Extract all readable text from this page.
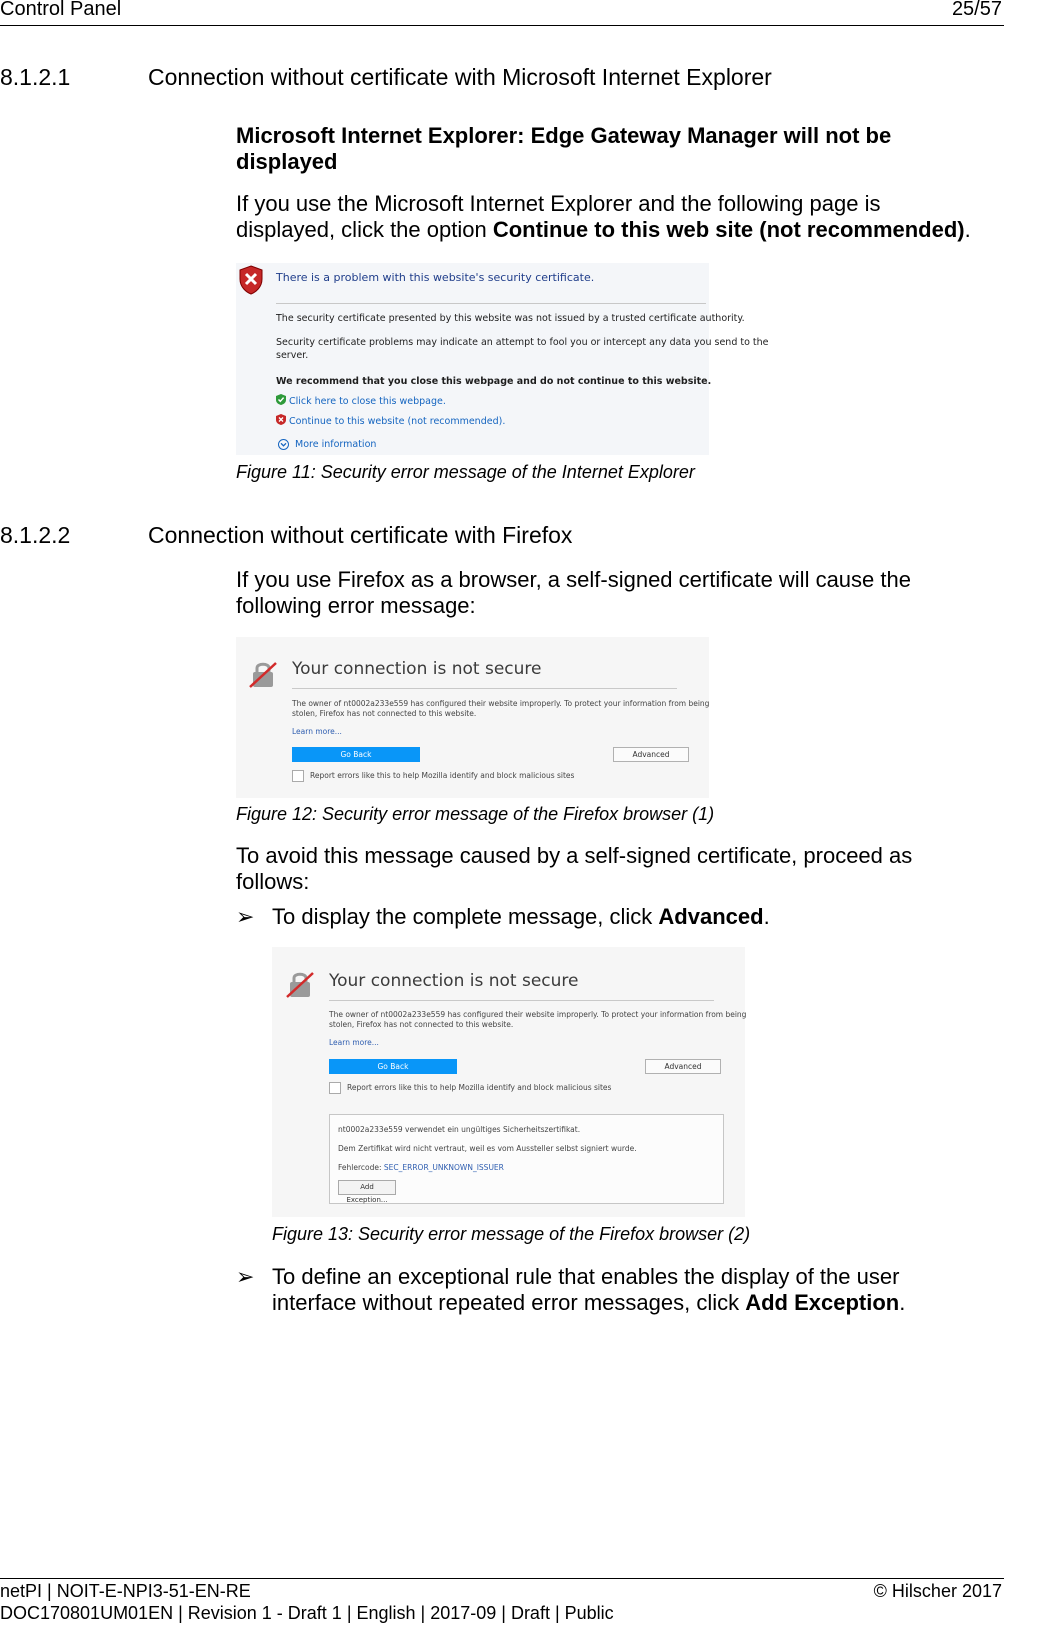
Control Panel	25/57
8.1.2.1	Connection without certificate with Microsoft Internet Explorer
Microsoft Internet Explorer: Edge Gateway Manager will not be
displayed
If you use the Microsoft Internet Explorer and the following page is
displayed, click the option Continue to this web site (not recommended).
There is a problem with this website's security certificate.
The security certificate presented by this website was not issued by a trusted certificate authority.
Security certificate problems may indicate an attempt to fool you or intercept any data you send to the
server.
We recommend that you close this webpage and do not continue to this website.
Click here to close this webpage.
Continue to this website (not recommended).
More information
Figure 11: Security error message of the Internet Explorer
8.1.2.2	Connection without certificate with Firefox
If you use Firefox as a browser, a self-signed certificate will cause the
following error message:
Your connection is not secure
The owner of nt0002a233e559 has configured their website improperly. To protect your information from being
stolen, Firefox has not connected to this website.
Learn more...
Go Back	Advanced
Report errors like this to help Mozilla identify and block malicious sites
Figure 12: Security error message of the Firefox browser (1)
To avoid this message caused by a self-signed certificate, proceed as
follows:
➢ To display the complete message, click Advanced.
Your connection is not secure
The owner of nt0002a233e559 has configured their website improperly. To protect your information from being
stolen, Firefox has not connected to this website.
Learn more...
Go Back	Advanced
Report errors like this to help Mozilla identify and block malicious sites
nt0002a233e559 verwendet ein ungültiges Sicherheitszertifikat.
Dem Zertifikat wird nicht vertraut, weil es vom Aussteller selbst signiert wurde.
Fehlercode: SEC_ERROR_UNKNOWN_ISSUER
Add Exception...
Figure 13: Security error message of the Firefox browser (2)
➢ To define an exceptional rule that enables the display of the user
interface without repeated error messages, click Add Exception.
netPI | NOIT-E-NPI3-51-EN-RE	© Hilscher 2017
DOC170801UM01EN | Revision 1 - Draft 1 | English | 2017-09 | Draft | Public
